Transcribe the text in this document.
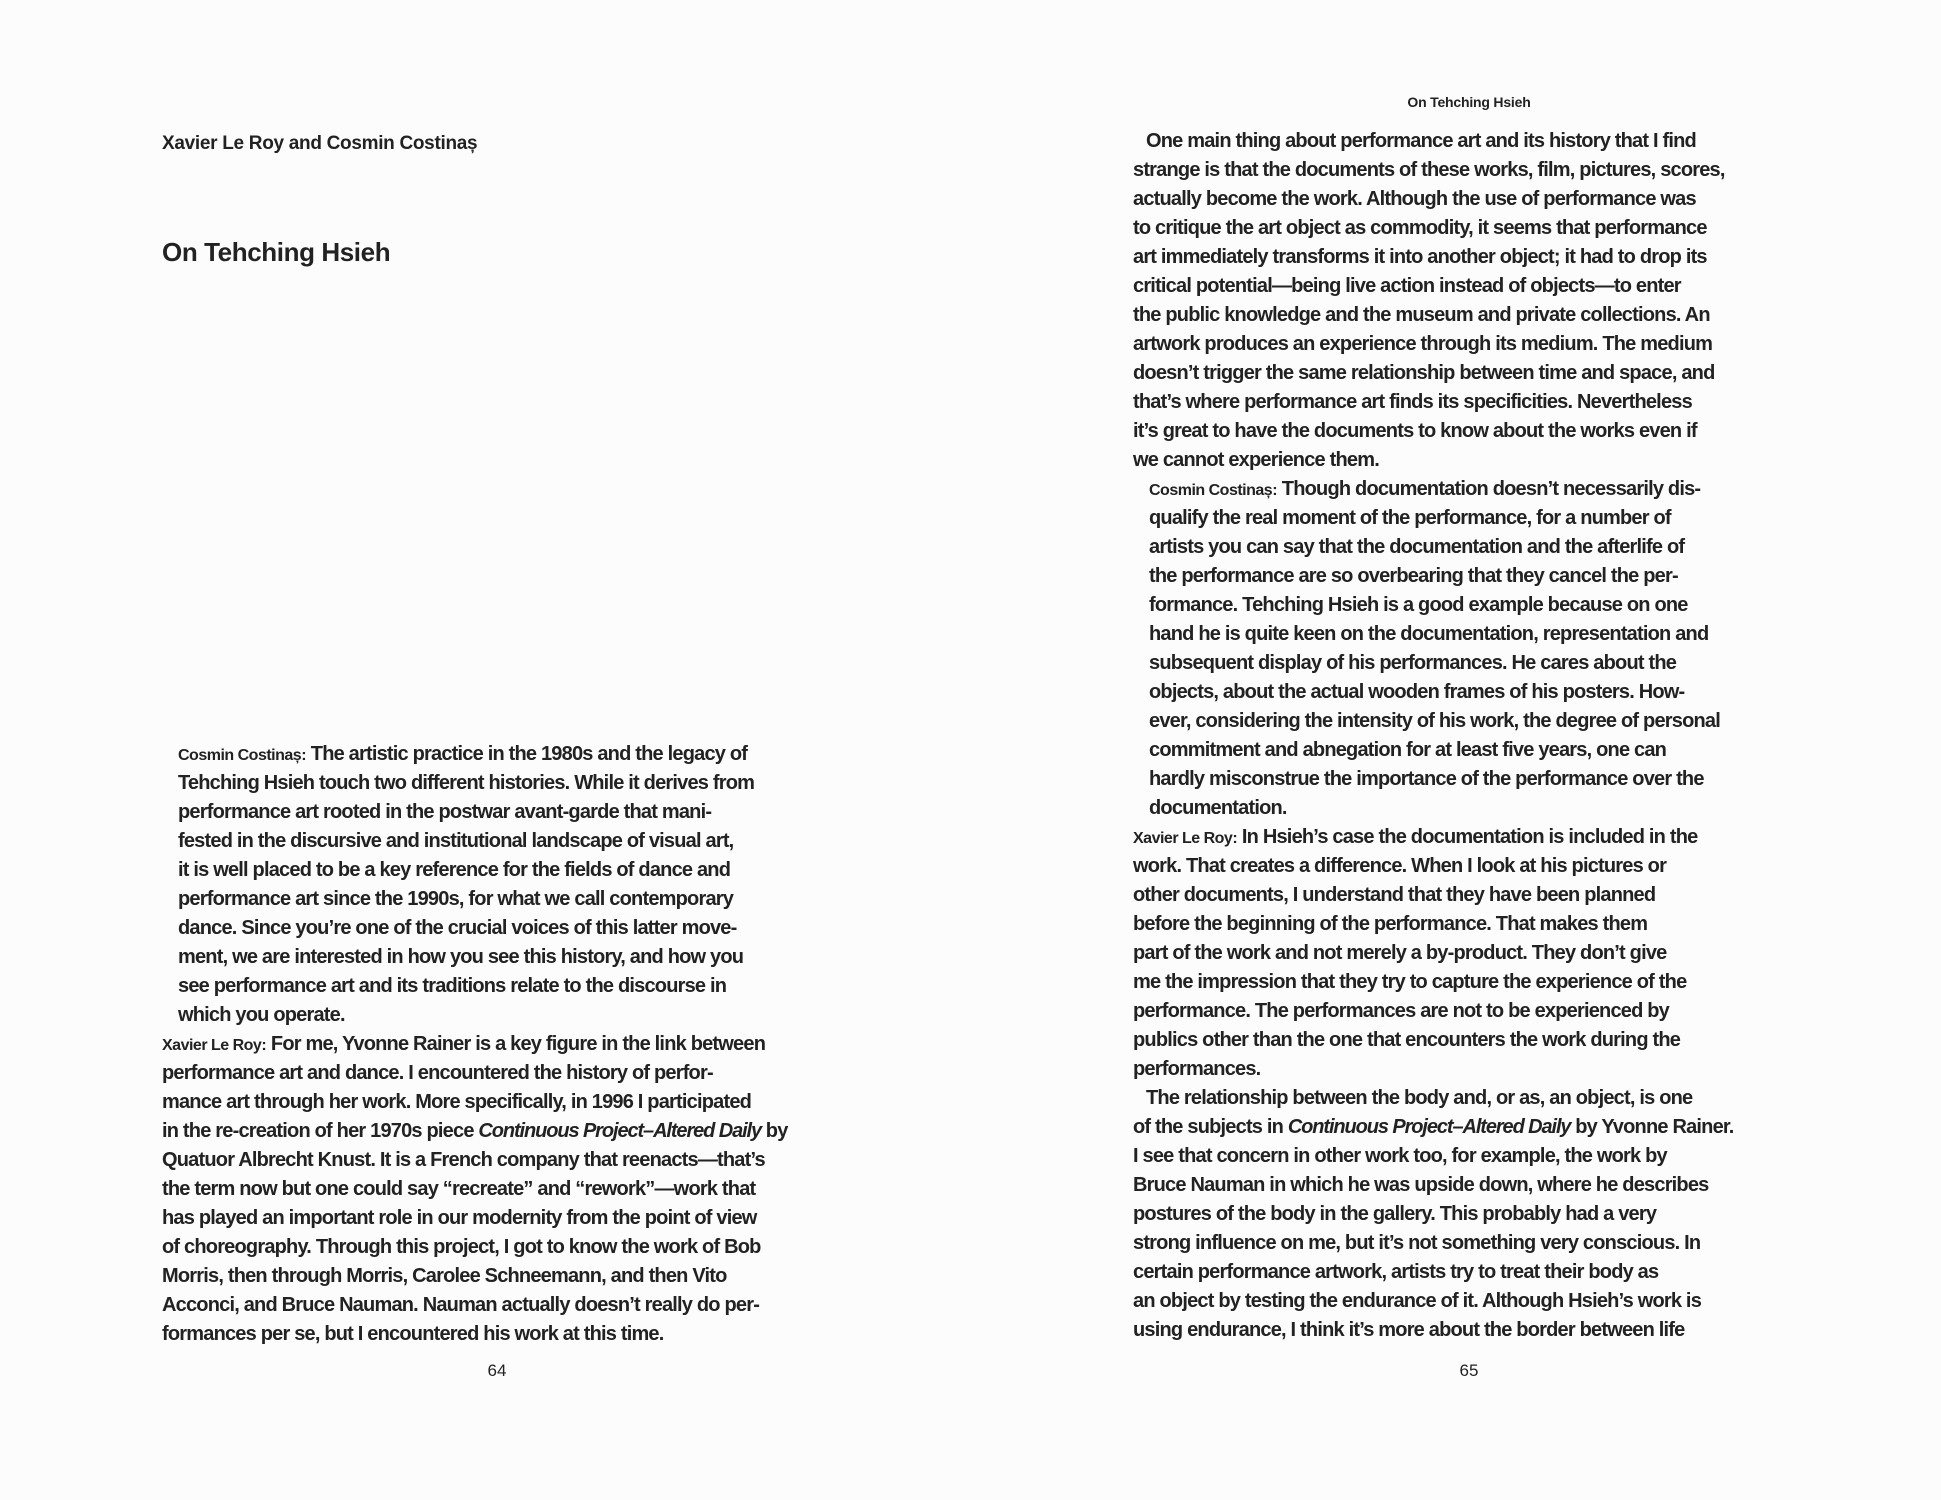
Xavier Le Roy and Cosmin Costinaș
On Tehching Hsieh
Cosmin Costinaș: The artistic practice in the 1980s and the legacy of
Tehching Hsieh touch two different histories. While it derives from
performance art rooted in the postwar avant-garde that mani-
fested in the discursive and institutional landscape of visual art,
it is well placed to be a key reference for the fields of dance and
performance art since the 1990s, for what we call contemporary
dance. Since you’re one of the crucial voices of this latter move-
ment, we are interested in how you see this history, and how you
see performance art and its traditions relate to the discourse in
which you operate.
Xavier Le Roy: For me, Yvonne Rainer is a key figure in the link between
performance art and dance. I encountered the history of perfor-
mance art through her work. More specifically, in 1996 I participated
in the re-creation of her 1970s piece Continuous Project–Altered Daily by
Quatuor Albrecht Knust. It is a French company that reenacts—that’s
the term now but one could say “recreate” and “rework”—work that
has played an important role in our modernity from the point of view
of choreography. Through this project, I got to know the work of Bob
Morris, then through Morris, Carolee Schneemann, and then Vito
Acconci, and Bruce Nauman. Nauman actually doesn’t really do per-
formances per se, but I encountered his work at this time.
64
On Tehching Hsieh
One main thing about performance art and its history that I find
strange is that the documents of these works, film, pictures, scores,
actually become the work. Although the use of performance was
to critique the art object as commodity, it seems that performance
art immediately transforms it into another object; it had to drop its
critical potential—being live action instead of objects—to enter
the public knowledge and the museum and private collections. An
artwork produces an experience through its medium. The medium
doesn’t trigger the same relationship between time and space, and
that’s where performance art finds its specificities. Nevertheless
it’s great to have the documents to know about the works even if
we cannot experience them.
Cosmin Costinaș: Though documentation doesn’t necessarily dis-
qualify the real moment of the performance, for a number of
artists you can say that the documentation and the afterlife of
the performance are so overbearing that they cancel the per-
formance. Tehching Hsieh is a good example because on one
hand he is quite keen on the documentation, representation and
subsequent display of his performances. He cares about the
objects, about the actual wooden frames of his posters. How-
ever, considering the intensity of his work, the degree of personal
commitment and abnegation for at least five years, one can
hardly misconstrue the importance of the performance over the
documentation.
Xavier Le Roy: In Hsieh’s case the documentation is included in the
work. That creates a difference. When I look at his pictures or
other documents, I understand that they have been planned
before the beginning of the performance. That makes them
part of the work and not merely a by-product. They don’t give
me the impression that they try to capture the experience of the
performance. The performances are not to be experienced by
publics other than the one that encounters the work during the
performances.
The relationship between the body and, or as, an object, is one
of the subjects in Continuous Project–Altered Daily by Yvonne Rainer.
I see that concern in other work too, for example, the work by
Bruce Nauman in which he was upside down, where he describes
postures of the body in the gallery. This probably had a very
strong influence on me, but it’s not something very conscious. In
certain performance artwork, artists try to treat their body as
an object by testing the endurance of it. Although Hsieh’s work is
using endurance, I think it’s more about the border between life
65
